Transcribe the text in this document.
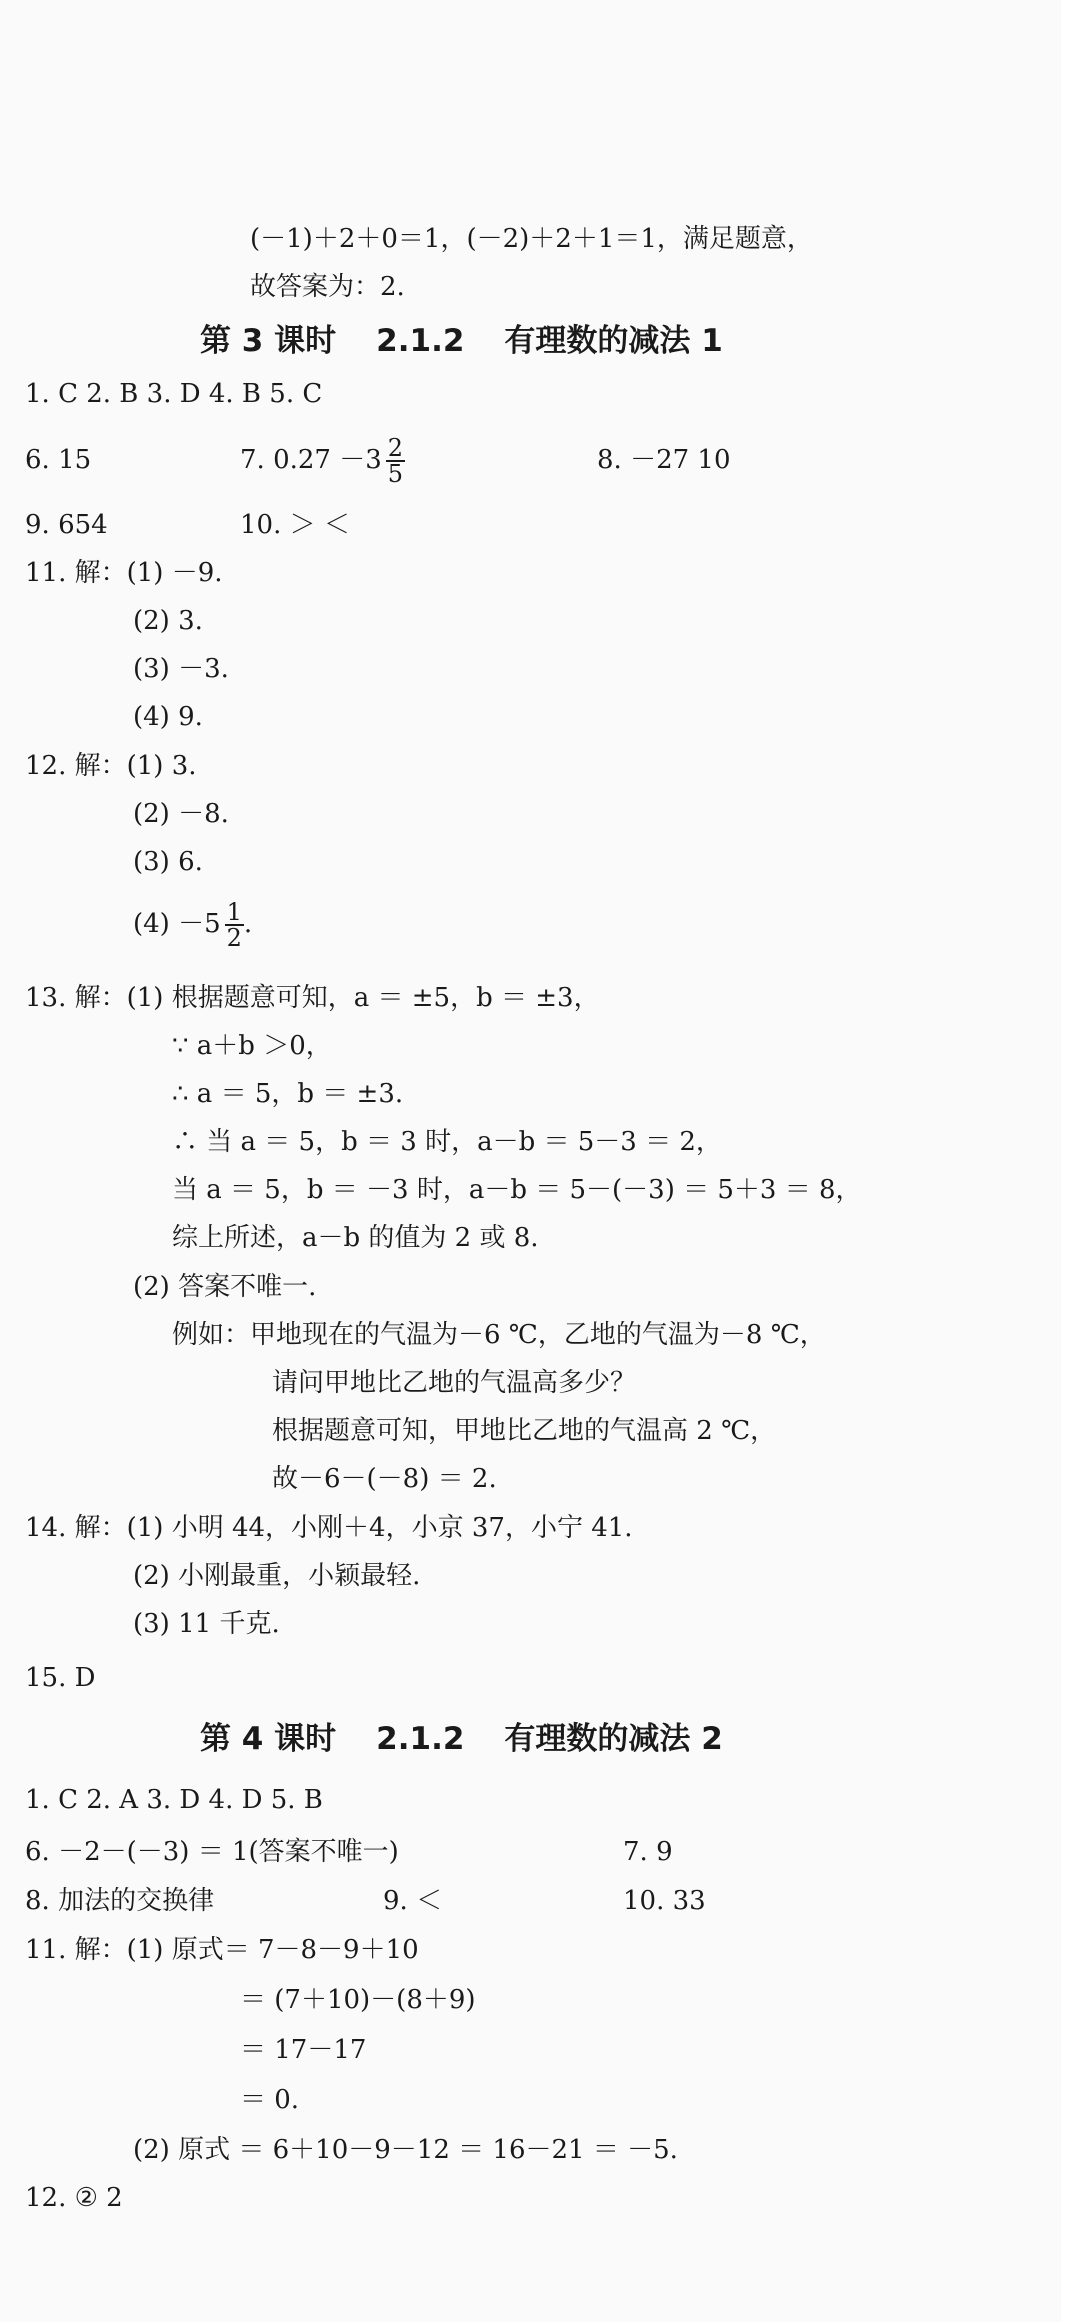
(－1)＋2＋0＝1，(－2)＋2＋1＝1，满足题意，
故答案为：2.
第 3 课时 2.1.2 有理数的减法 1
1. C 2. B 3. D 4. B 5. C
6. 15	7. $0.27 -3 \frac{2}{5}$	8. －27 10
9. 654	10. ＞ ＜
11. 解：(1) －9.
(2) 3.
(3) －3.
(4) 9.
12. 解：(1) 3.
(2) －8.
(3) 6.
$(4) -5 \frac{1}{2}$ .
13. 解：(1) 根据题意可知，a ＝ ±5，b ＝ ±3，
∵ a＋b ＞0，
∴ a ＝ 5，b ＝ ±3.
∴ 当 a ＝ 5，b ＝ 3 时，a－b ＝ 5－3 ＝ 2，
当 a ＝ 5，b ＝ －3 时，a－b ＝ 5－(－3) ＝ 5＋3 ＝ 8，
综上所述，a－b 的值为 2 或 8.
(2) 答案不唯一.
例如：甲地现在的气温为－6 ℃，乙地的气温为－8 ℃，
请问甲地比乙地的气温高多少？
根据题意可知，甲地比乙地的气温高 2 ℃，
故－6－(－8) ＝ 2.
14. 解：(1) 小明 44，小刚＋4，小京 37，小宁 41.
(2) 小刚最重，小颖最轻.
(3) 11 千克.
15. D
第 4 课时 2.1.2 有理数的减法 2
1. C 2. A 3. D 4. D 5. B
6. －2－(－3) ＝ 1(答案不唯一)	7. 9
8. 加法的交换律	9. ＜	10. 33
11. 解：(1) 原式＝ 7－8－9＋10
＝ (7＋10)－(8＋9)
＝ 17－17
＝ 0.
(2) 原式 ＝ 6＋10－9－12 ＝ 16－21 ＝ －5.
12. ② 2
